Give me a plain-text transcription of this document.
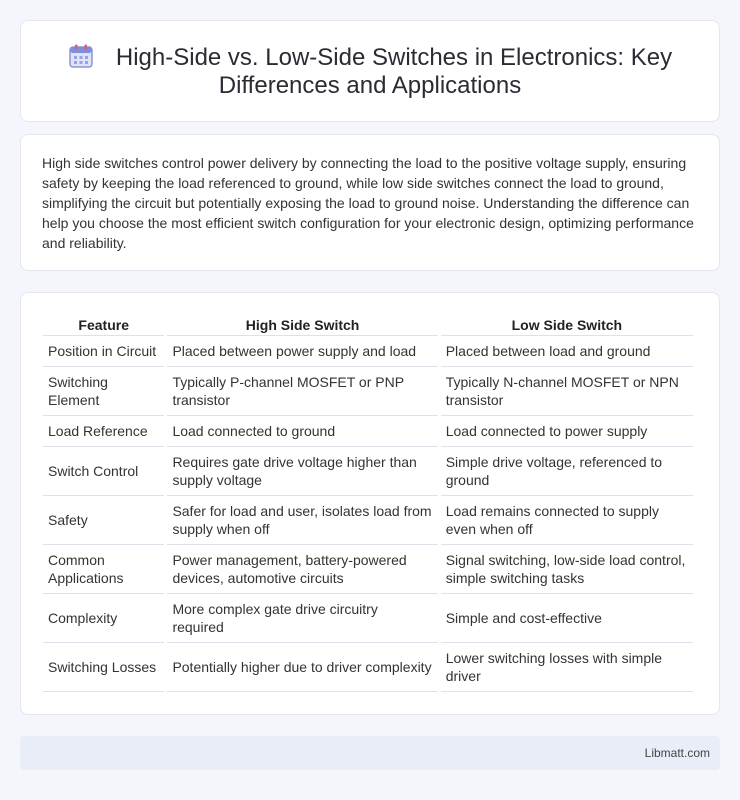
High-Side vs. Low-Side Switches in Electronics: Key Differences and Applications

High side switches control power delivery by connecting the load to the positive voltage supply, ensuring safety by keeping the load referenced to ground, while low side switches connect the load to ground, simplifying the circuit but potentially exposing the load to ground noise. Understanding the difference can help you choose the most efficient switch configuration for your electronic design, optimizing performance and reliability.

Feature	High Side Switch	Low Side Switch
Position in Circuit	Placed between power supply and load	Placed between load and ground
Switching Element	Typically P-channel MOSFET or PNP transistor	Typically N-channel MOSFET or NPN transistor
Load Reference	Load connected to ground	Load connected to power supply
Switch Control	Requires gate drive voltage higher than supply voltage	Simple drive voltage, referenced to ground
Safety	Safer for load and user, isolates load from supply when off	Load remains connected to supply even when off
Common Applications	Power management, battery-powered devices, automotive circuits	Signal switching, low-side load control, simple switching tasks
Complexity	More complex gate drive circuitry required	Simple and cost-effective
Switching Losses	Potentially higher due to driver complexity	Lower switching losses with simple driver
Libmatt.com
